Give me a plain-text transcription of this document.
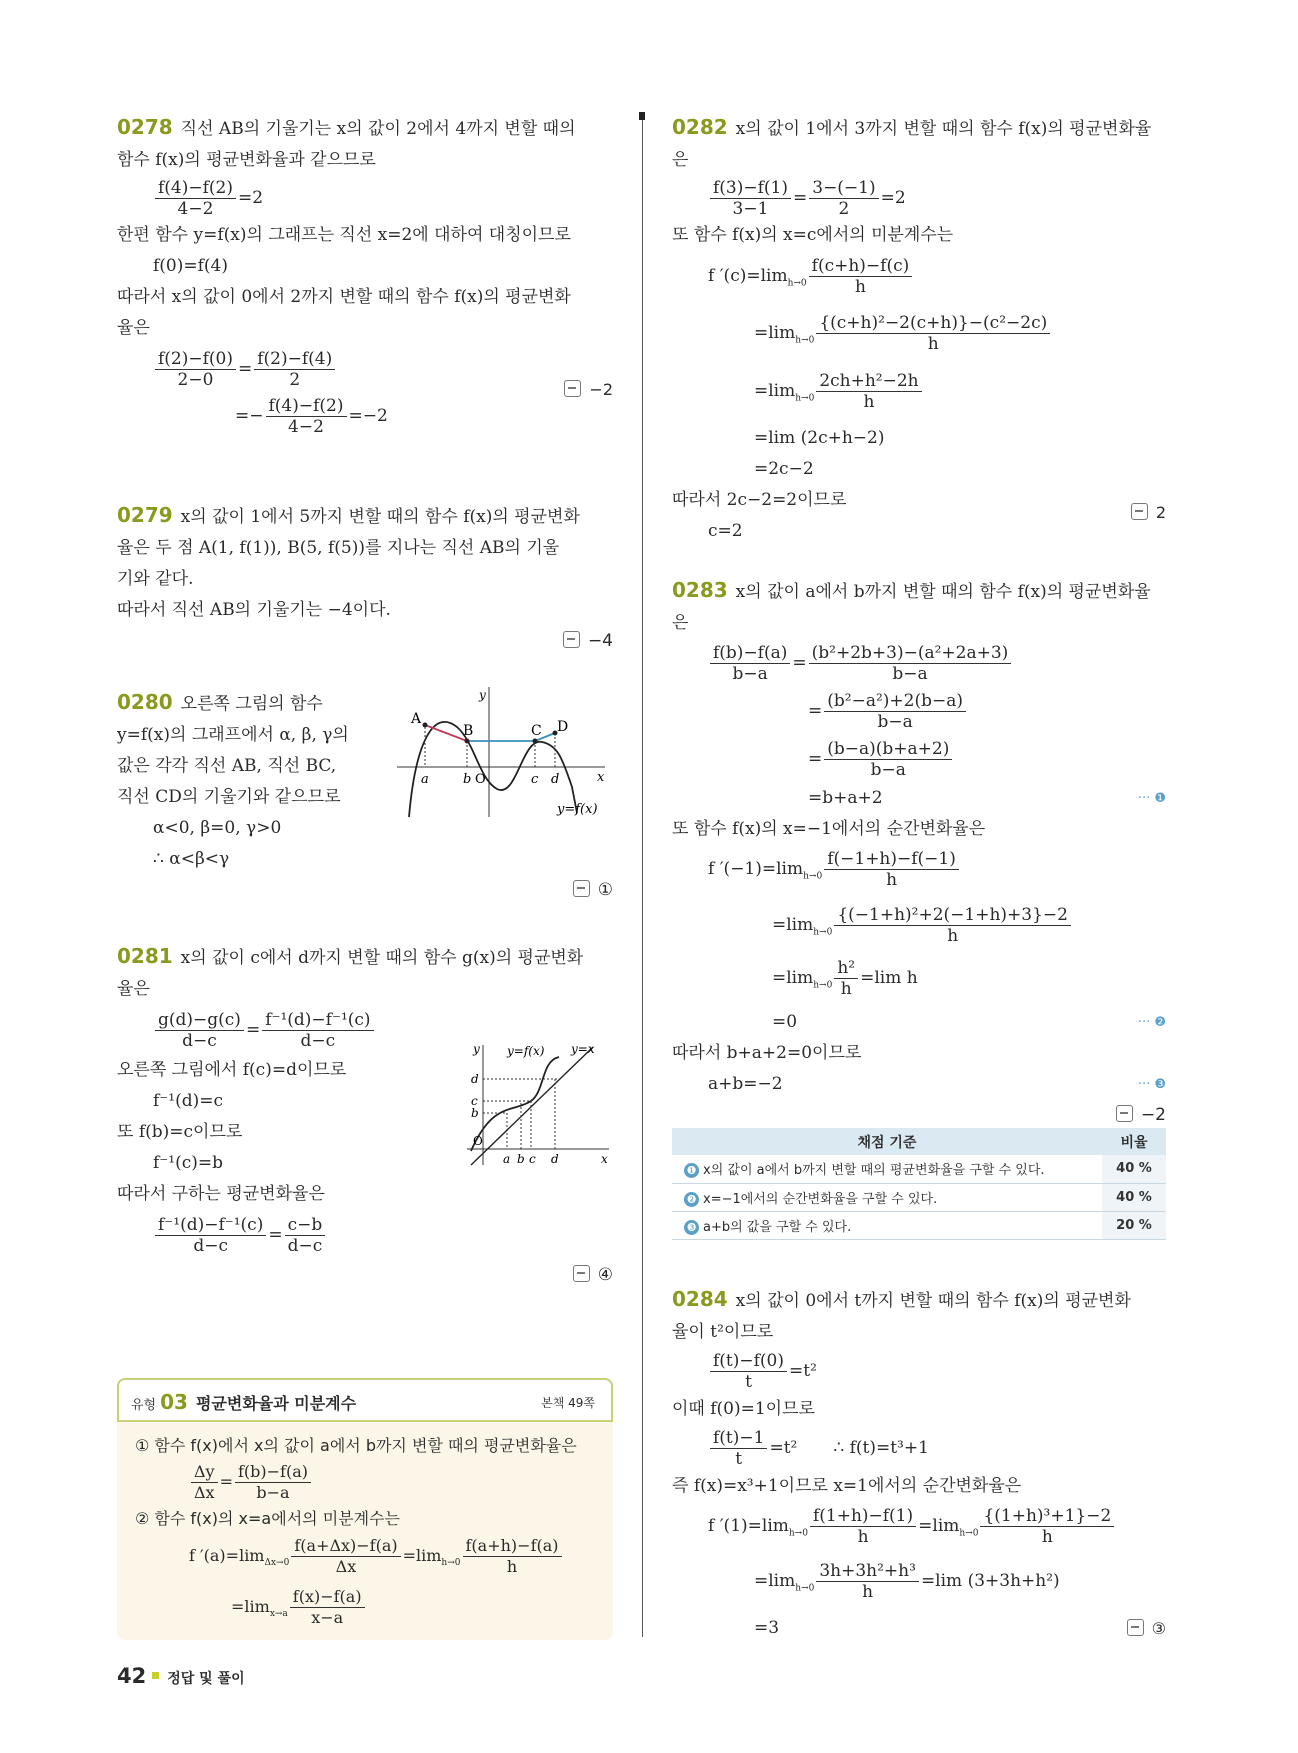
0278 직선 AB의 기울기는 x의 값이 2에서 4까지 변할 때의
함수 f(x)의 평균변화율과 같으므로
$\frac{f(4)-f(2)}{4-2} =2$
한편 함수 y=f(x)의 그래프는 직선 x=2에 대하여 대칭이므로
f(0)=f(4)
따라서 x의 값이 0에서 2까지 변할 때의 함수 f(x)의 평균변화
율은
$\frac{f(2)-f(0)}{2-0} = \frac{f(2)-f(4)}{2}$
=− $\frac{f(4)-f(2)}{4-2} =-2$
−2
0279 x의 값이 1에서 5까지 변할 때의 함수 f(x)의 평균변화
율은 두 점 A(1, f(1)), B(5, f(5))를 지나는 직선 AB의 기울
기와 같다.
따라서 직선 AB의 기울기는 −4이다.
−4
0280 오른쪽 그림의 함수
y=f(x)의 그래프에서 α, β, γ의
값은 각각 직선 AB, 직선 BC,
직선 CD의 기울기와 같으므로
α<0, β=0, γ>0
∴ α<β<γ
①
y
x
A
B	C D
a	b O	c d
y=f(x)
0281 x의 값이 c에서 d까지 변할 때의 함수 g(x)의 평균변화
율은
$\frac{g(d)-g(c)}{d-c} = \frac{\text{f⁻¹(d)−f⁻¹(c)}}{d-c}$
오른쪽 그림에서 f(c)=d이므로
f⁻¹(d)=c
또 f(b)=c이므로
f⁻¹(c)=b
따라서 구하는 평균변화율은
$\frac{\text{f⁻¹(d)−f⁻¹(c)}}{d-c} = \frac{c-b}{d-c}$
④
y
x
y=f(x) y=x
d
c
b
O
a b c d
유형 03 평균변화율과 미분계수	본책 49쪽
① 함수 f(x)에서 x의 값이 a에서 b까지 변할 때의 평균변화율은
$\frac{\Delta y}{\Delta x} = \frac{f(b)-f(a)}{b-a}$
② 함수 f(x)의 x=a에서의 미분계수는
f $'(a)=\lim_{\Delta x\to 0} \frac{f(a+\Delta x)-f(a)}{\Delta x} =\lim_{h\to 0} \frac{f(a+h)-f(a)}{h}$
$=\lim_{x\to a} \frac{f(x)-f(a)}{x-a}$
0282 x의 값이 1에서 3까지 변할 때의 함수 f(x)의 평균변화율
은
$\frac{f(3)-f(1)}{3-1} = \frac{3-(-1)}{2} =2$
또 함수 f(x)의 x=c에서의 미분계수는
f $'(c)=\lim_{h\to 0} \frac{f(c+h)-f(c)}{h}$
$=\lim_{h\to 0} \frac{\text{\{(c+h)²−2(c+h)\}−(c²−2c)}}{h}$
$=\lim_{h\to 0} \frac{\text{2ch+h²−2h}}{h}$
=lim (2c+h−2)
=2c−2
따라서 2c−2=2이므로
c=2
2
0283 x의 값이 a에서 b까지 변할 때의 함수 f(x)의 평균변화율
은
$\frac{f(b)-f(a)}{b-a} = \frac{\text{(b²+2b+3)−(a²+2a+3)}}{b-a}$
= $\frac{\text{(b²−a²)+2(b−a)}}{b-a}$
= $\frac{(b-a)(b+a+2)}{b-a}$
=b+a+2	··· ❶
또 함수 f(x)의 x=−1에서의 순간변화율은
f $'(-1)=\lim_{h\to 0} \frac{f(-1+h)-f(-1)}{h}$
$=\lim_{h\to 0} \frac{\text{\{(−1+h)²+2(−1+h)+3\}−2}}{h}$
$=\lim_{h\to 0} \frac{\text{h²}}{h} =\lim$ h
=0	··· ❷
따라서 b+a+2=0이므로
a+b=−2	··· ❸
−2
채점 기준	비율
❶ x의 값이 a에서 b까지 변할 때의 평균변화율을 구할 수 있다.	40 %
❷ x=−1에서의 순간변화율을 구할 수 있다.	40 %
❸ a+b의 값을 구할 수 있다.	20 %
0284 x의 값이 0에서 t까지 변할 때의 함수 f(x)의 평균변화
율이 t²이므로
$\frac{f(t)-f(0)}{t} =t^2$
이때 f(0)=1이므로
$\frac{f(t)-1}{t} =t^2$ ∴ f(t)=t³+1
즉 f(x)=x³+1이므로 x=1에서의 순간변화율은
f $'(1)=\lim_{h\to 0} \frac{f(1+h)-f(1)}{h} =\lim_{h\to 0} \frac{\text{\{(1+h)³+1\}−2}}{h}$
$=\lim_{h\to 0} \frac{\text{3h+3h²+h³}}{h} =\lim$ (3+3h+h²)
=3	③
42 정답 및 풀이
